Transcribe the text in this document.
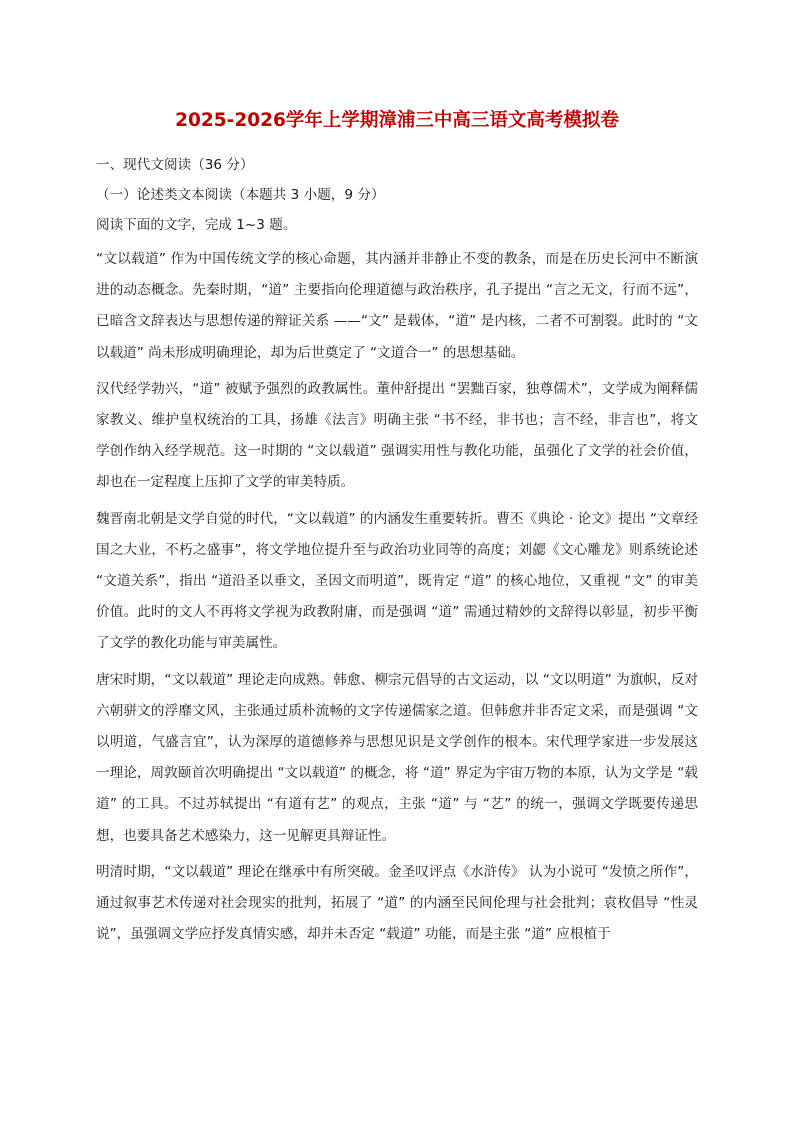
2025-2026学年上学期漳浦三中高三语文高考模拟卷

一、现代文阅读（36 分）

（一）论述类文本阅读（本题共 3 小题，9 分）

阅读下面的文字，完成 1~3 题。

“文以载道” 作为中国传统文学的核心命题，其内涵并非静止不变的教条，而是在历史长河中不断演进的动态概念。先秦时期，“道” 主要指向伦理道德与政治秩序，孔子提出 “言之无文，行而不远”，已暗含文辞表达与思想传递的辩证关系 ——“文” 是载体，“道” 是内核，二者不可割裂。此时的 “文以载道” 尚未形成明确理论，却为后世奠定了 “文道合一” 的思想基础。

汉代经学勃兴，“道” 被赋予强烈的政教属性。董仲舒提出 “罢黜百家，独尊儒术”，文学成为阐释儒家教义、维护皇权统治的工具，扬雄《法言》明确主张 “书不经，非书也；言不经，非言也”，将文学创作纳入经学规范。这一时期的 “文以载道” 强调实用性与教化功能，虽强化了文学的社会价值，却也在一定程度上压抑了文学的审美特质。

魏晋南北朝是文学自觉的时代，“文以载道” 的内涵发生重要转折。曹丕《典论 · 论文》提出 “文章经国之大业，不朽之盛事”，将文学地位提升至与政治功业同等的高度；刘勰《文心雕龙》则系统论述 “文道关系”，指出 “道沿圣以垂文，圣因文而明道”，既肯定 “道” 的核心地位，又重视 “文” 的审美价值。此时的文人不再将文学视为政教附庸，而是强调 “道” 需通过精妙的文辞得以彰显，初步平衡了文学的教化功能与审美属性。

唐宋时期，“文以载道” 理论走向成熟。韩愈、柳宗元倡导的古文运动，以 “文以明道” 为旗帜，反对六朝骈文的浮靡文风，主张通过质朴流畅的文字传递儒家之道。但韩愈并非否定文采，而是强调 “文以明道，气盛言宜”，认为深厚的道德修养与思想见识是文学创作的根本。宋代理学家进一步发展这一理论，周敦颐首次明确提出 “文以载道” 的概念，将 “道” 界定为宇宙万物的本原，认为文学是 “载道” 的工具。不过苏轼提出 “有道有艺” 的观点，主张 “道” 与 “艺” 的统一，强调文学既要传递思想，也要具备艺术感染力，这一见解更具辩证性。

明清时期，“文以载道” 理论在继承中有所突破。金圣叹评点《水浒传》 认为小说可 “发愤之所作”，通过叙事艺术传递对社会现实的批判，拓展了 “道” 的内涵至民间伦理与社会批判；袁枚倡导 “性灵说”，虽强调文学应抒发真情实感，却并未否定 “载道” 功能，而是主张 “道” 应根植于
